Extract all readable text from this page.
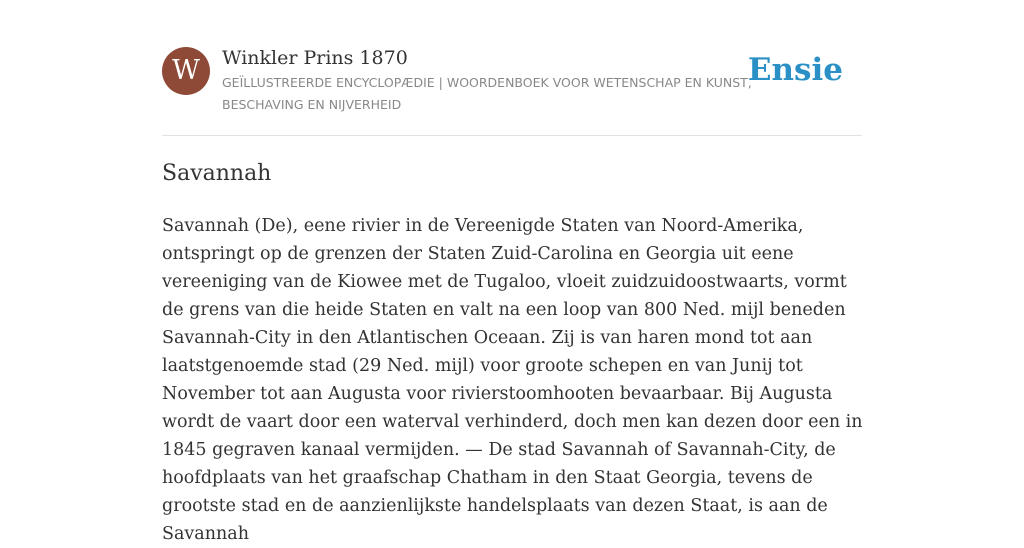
W	Winkler Prins 1870
GEÏLLUSTREERDE ENCYCLOPÆDIE | WOORDENBOEK VOOR WETENSCHAP EN KUNST, BESCHAVING EN NIJVERHEID
Ensie
Savannah

Savannah (De), eene rivier in de Vereenigde Staten van Noord-Amerika, ontspringt op de grenzen der Staten Zuid-Carolina en Georgia uit eene vereeniging van de Kiowee met de Tugaloo, vloeit zuidzuidoostwaarts, vormt de grens van die heide Staten en valt na een loop van 800 Ned. mijl beneden Savannah-City in den Atlantischen Oceaan. Zij is van haren mond tot aan laatstgenoemde stad (29 Ned. mijl) voor groote schepen en van Junij tot November tot aan Augusta voor rivierstoomhooten bevaarbaar. Bij Augusta wordt de vaart door een waterval verhinderd, doch men kan dezen door een in 1845 gegraven kanaal vermijden. — De stad Savannah of Savannah-City, de hoofdplaats van het graafschap Chatham in den Staat Georgia, tevens de grootste stad en de aanzienlijkste handelsplaats van dezen Staat, is aan de Savannah
